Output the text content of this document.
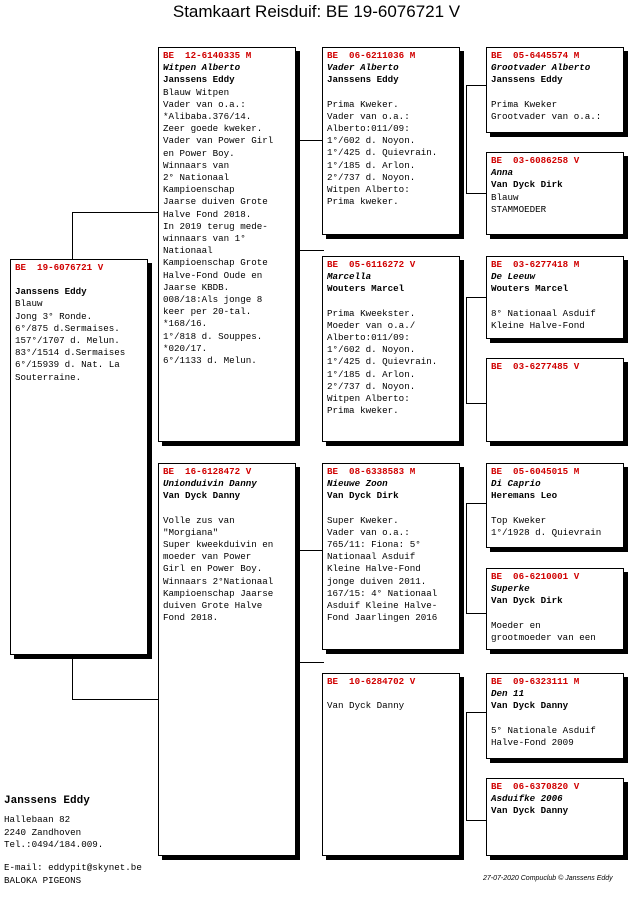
Stamkaart Reisduif: BE 19-6076721 V
BE  19-6076721 V
Janssens Eddy
Blauw
Jong 3° Ronde.
6°/875 d.Sermaises.
157°/1707 d. Melun.
83°/1514 d.Sermaises
6°/15939 d. Nat. La
Souterraine.
BE  12-6140335 M
Witpen Alberto
Janssens Eddy
Blauw Witpen
Vader van o.a.:
*Alibaba.376/14.
Zeer goede kweker.
Vader van Power Girl
en Power Boy.
Winnaars van
2° Nationaal
Kampioenschap
Jaarse duiven Grote
Halve Fond 2018.
In 2019 terug mede-
winnaars van 1°
Nationaal
Kampioenschap Grote
Halve-Fond Oude en
Jaarse KBDB.
008/18:Als jonge 8
keer per 20-tal.
*168/16.
1°/818 d. Souppes.
*020/17.
6°/1133 d. Melun.
BE  16-6128472 V
Unionduivin Danny
Van Dyck Danny
Volle zus van
"Morgiana"
Super kweekduivin en
moeder van Power
Girl en Power Boy.
Winnaars 2°Nationaal
Kampioenschap Jaarse
duiven Grote Halve
Fond 2018.
BE  06-6211036 M
Vader Alberto
Janssens Eddy
Prima Kweker.
Vader van o.a.:
Alberto:011/09:
1°/602 d. Noyon.
1°/425 d. Quievrain.
1°/185 d. Arlon.
2°/737 d. Noyon.
Witpen Alberto:
Prima kweker.
BE  05-6116272 V
Marcella
Wouters Marcel
Prima Kweekster.
Moeder van o.a./
Alberto:011/09:
1°/602 d. Noyon.
1°/425 d. Quievrain.
1°/185 d. Arlon.
2°/737 d. Noyon.
Witpen Alberto:
Prima kweker.
BE  08-6338583 M
Nieuwe Zoon
Van Dyck Dirk
Super Kweker.
Vader van o.a.:
765/11: Fiona: 5°
Nationaal Asduif
Kleine Halve-Fond
jonge duiven 2011.
167/15: 4° Nationaal
Asduif Kleine Halve-
Fond Jaarlingen 2016
BE  10-6284702 V
Van Dyck Danny
BE  05-6445574 M
Grootvader Alberto
Janssens Eddy
Prima Kweker
Grootvader van o.a.:
BE  03-6086258 V
Anna
Van Dyck Dirk
Blauw
STAMMOEDER
BE  03-6277418 M
De Leeuw
Wouters Marcel
8° Nationaal Asduif
Kleine Halve-Fond
BE  03-6277485 V
BE  05-6045015 M
Di Caprio
Heremans Leo
Top Kweker
1°/1928 d. Quievrain
BE  06-6210001 V
Superke
Van Dyck Dirk
Moeder en
grootmoeder van een
BE  09-6323111 M
Den 11
Van Dyck Danny
5° Nationale Asduif
Halve-Fond 2009
BE  06-6370820 V
Asduifke 2006
Van Dyck Danny
Janssens Eddy
Hallebaan 82
2240 Zandhoven
Tel.:0494/184.009.
E-mail: eddypit@skynet.be
BALOKA PIGEONS	27-07-2020 Compuclub © Janssens Eddy
